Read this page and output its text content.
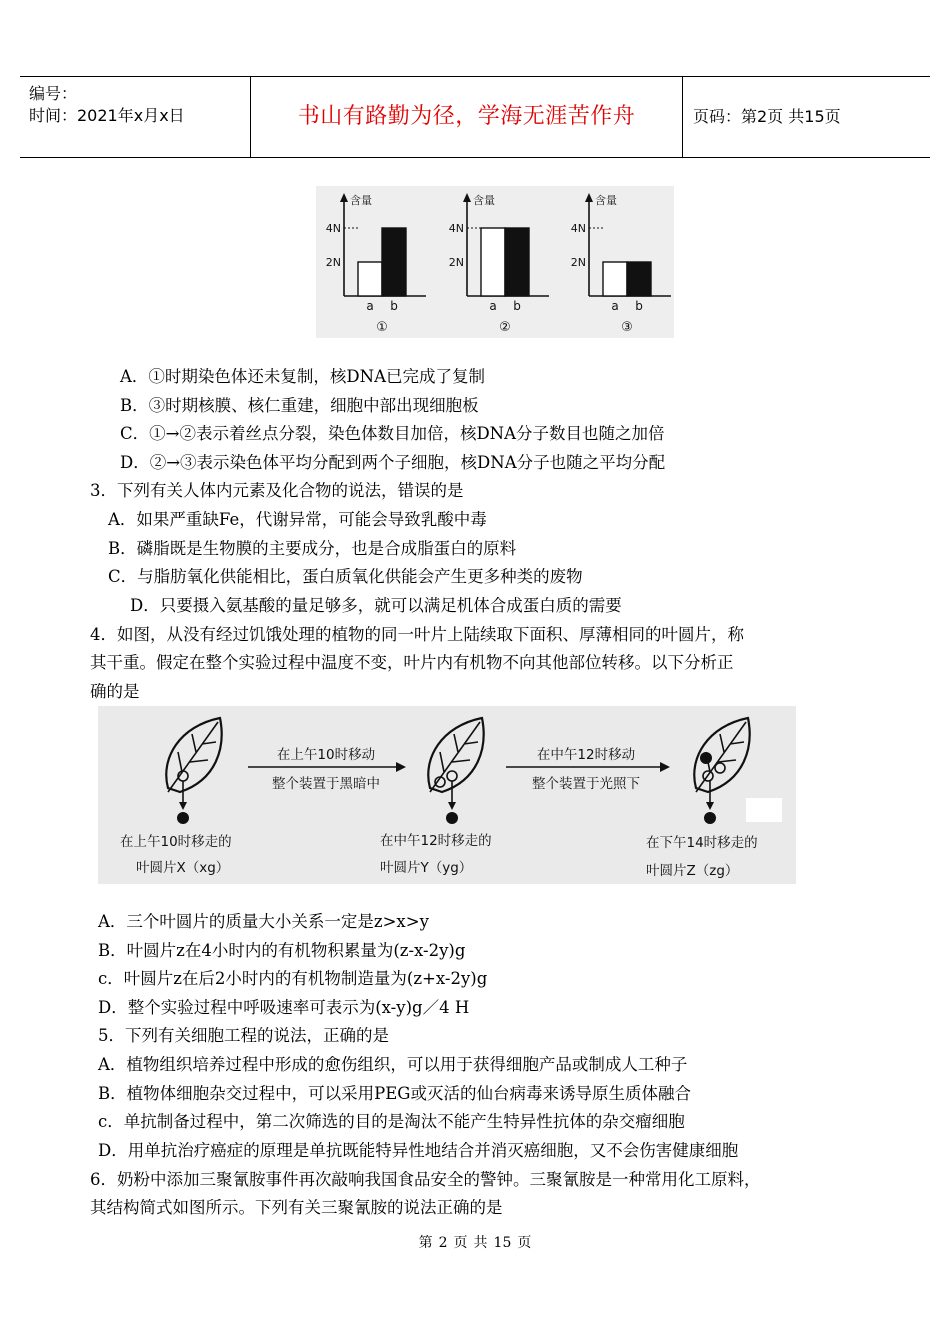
编号：
时间：2021年x月x日	书山有路勤为径，学海无涯苦作舟	页码：第2页 共15页
含量
4N
2N
a b
①
含量
4N
2N
a b
②
含量
4N
2N
a b
③
A．①时期染色体还未复制，核DNA已完成了复制
B．③时期核膜、核仁重建，细胞中部出现细胞板
C．①→②表示着丝点分裂，染色体数目加倍，核DNA分子数目也随之加倍
D．②→③表示染色体平均分配到两个子细胞，核DNA分子也随之平均分配
3．下列有关人体内元素及化合物的说法，错误的是
A．如果严重缺Fe，代谢异常，可能会导致乳酸中毒
B．磷脂既是生物膜的主要成分，也是合成脂蛋白的原料
C．与脂肪氧化供能相比，蛋白质氧化供能会产生更多种类的废物
D．只要摄入氨基酸的量足够多，就可以满足机体合成蛋白质的需要
4．如图，从没有经过饥饿处理的植物的同一叶片上陆续取下面积、厚薄相同的叶圆片，称
其干重。假定在整个实验过程中温度不变，叶片内有机物不向其他部位转移。以下分析正
确的是
在上午10时移动
整个装置于黑暗中
在中午12时移动
整个装置于光照下
在上午10时移走的
叶圆片X（xg）
在中午12时移走的
叶圆片Y（yg）
在下午14时移走的
叶圆片Z（zg）
A．三个叶圆片的质量大小关系一定是z>x>y
B．叶圆片z在4小时内的有机物积累量为(z-x-2y)g
c．叶圆片z在后2小时内的有机物制造量为(z+x-2y)g
D．整个实验过程中呼吸速率可表示为(x-y)g／4 H
5．下列有关细胞工程的说法，正确的是
A．植物组织培养过程中形成的愈伤组织，可以用于获得细胞产品或制成人工种子
B．植物体细胞杂交过程中，可以采用PEG或灭活的仙台病毒来诱导原生质体融合
c．单抗制备过程中，第二次筛选的目的是淘汰不能产生特异性抗体的杂交瘤细胞
D．用单抗治疗癌症的原理是单抗既能特异性地结合并消灭癌细胞，又不会伤害健康细胞
6．奶粉中添加三聚氰胺事件再次敲响我国食品安全的警钟。三聚氰胺是一种常用化工原料，
其结构简式如图所示。下列有关三聚氰胺的说法正确的是
第 2 页 共 15 页
